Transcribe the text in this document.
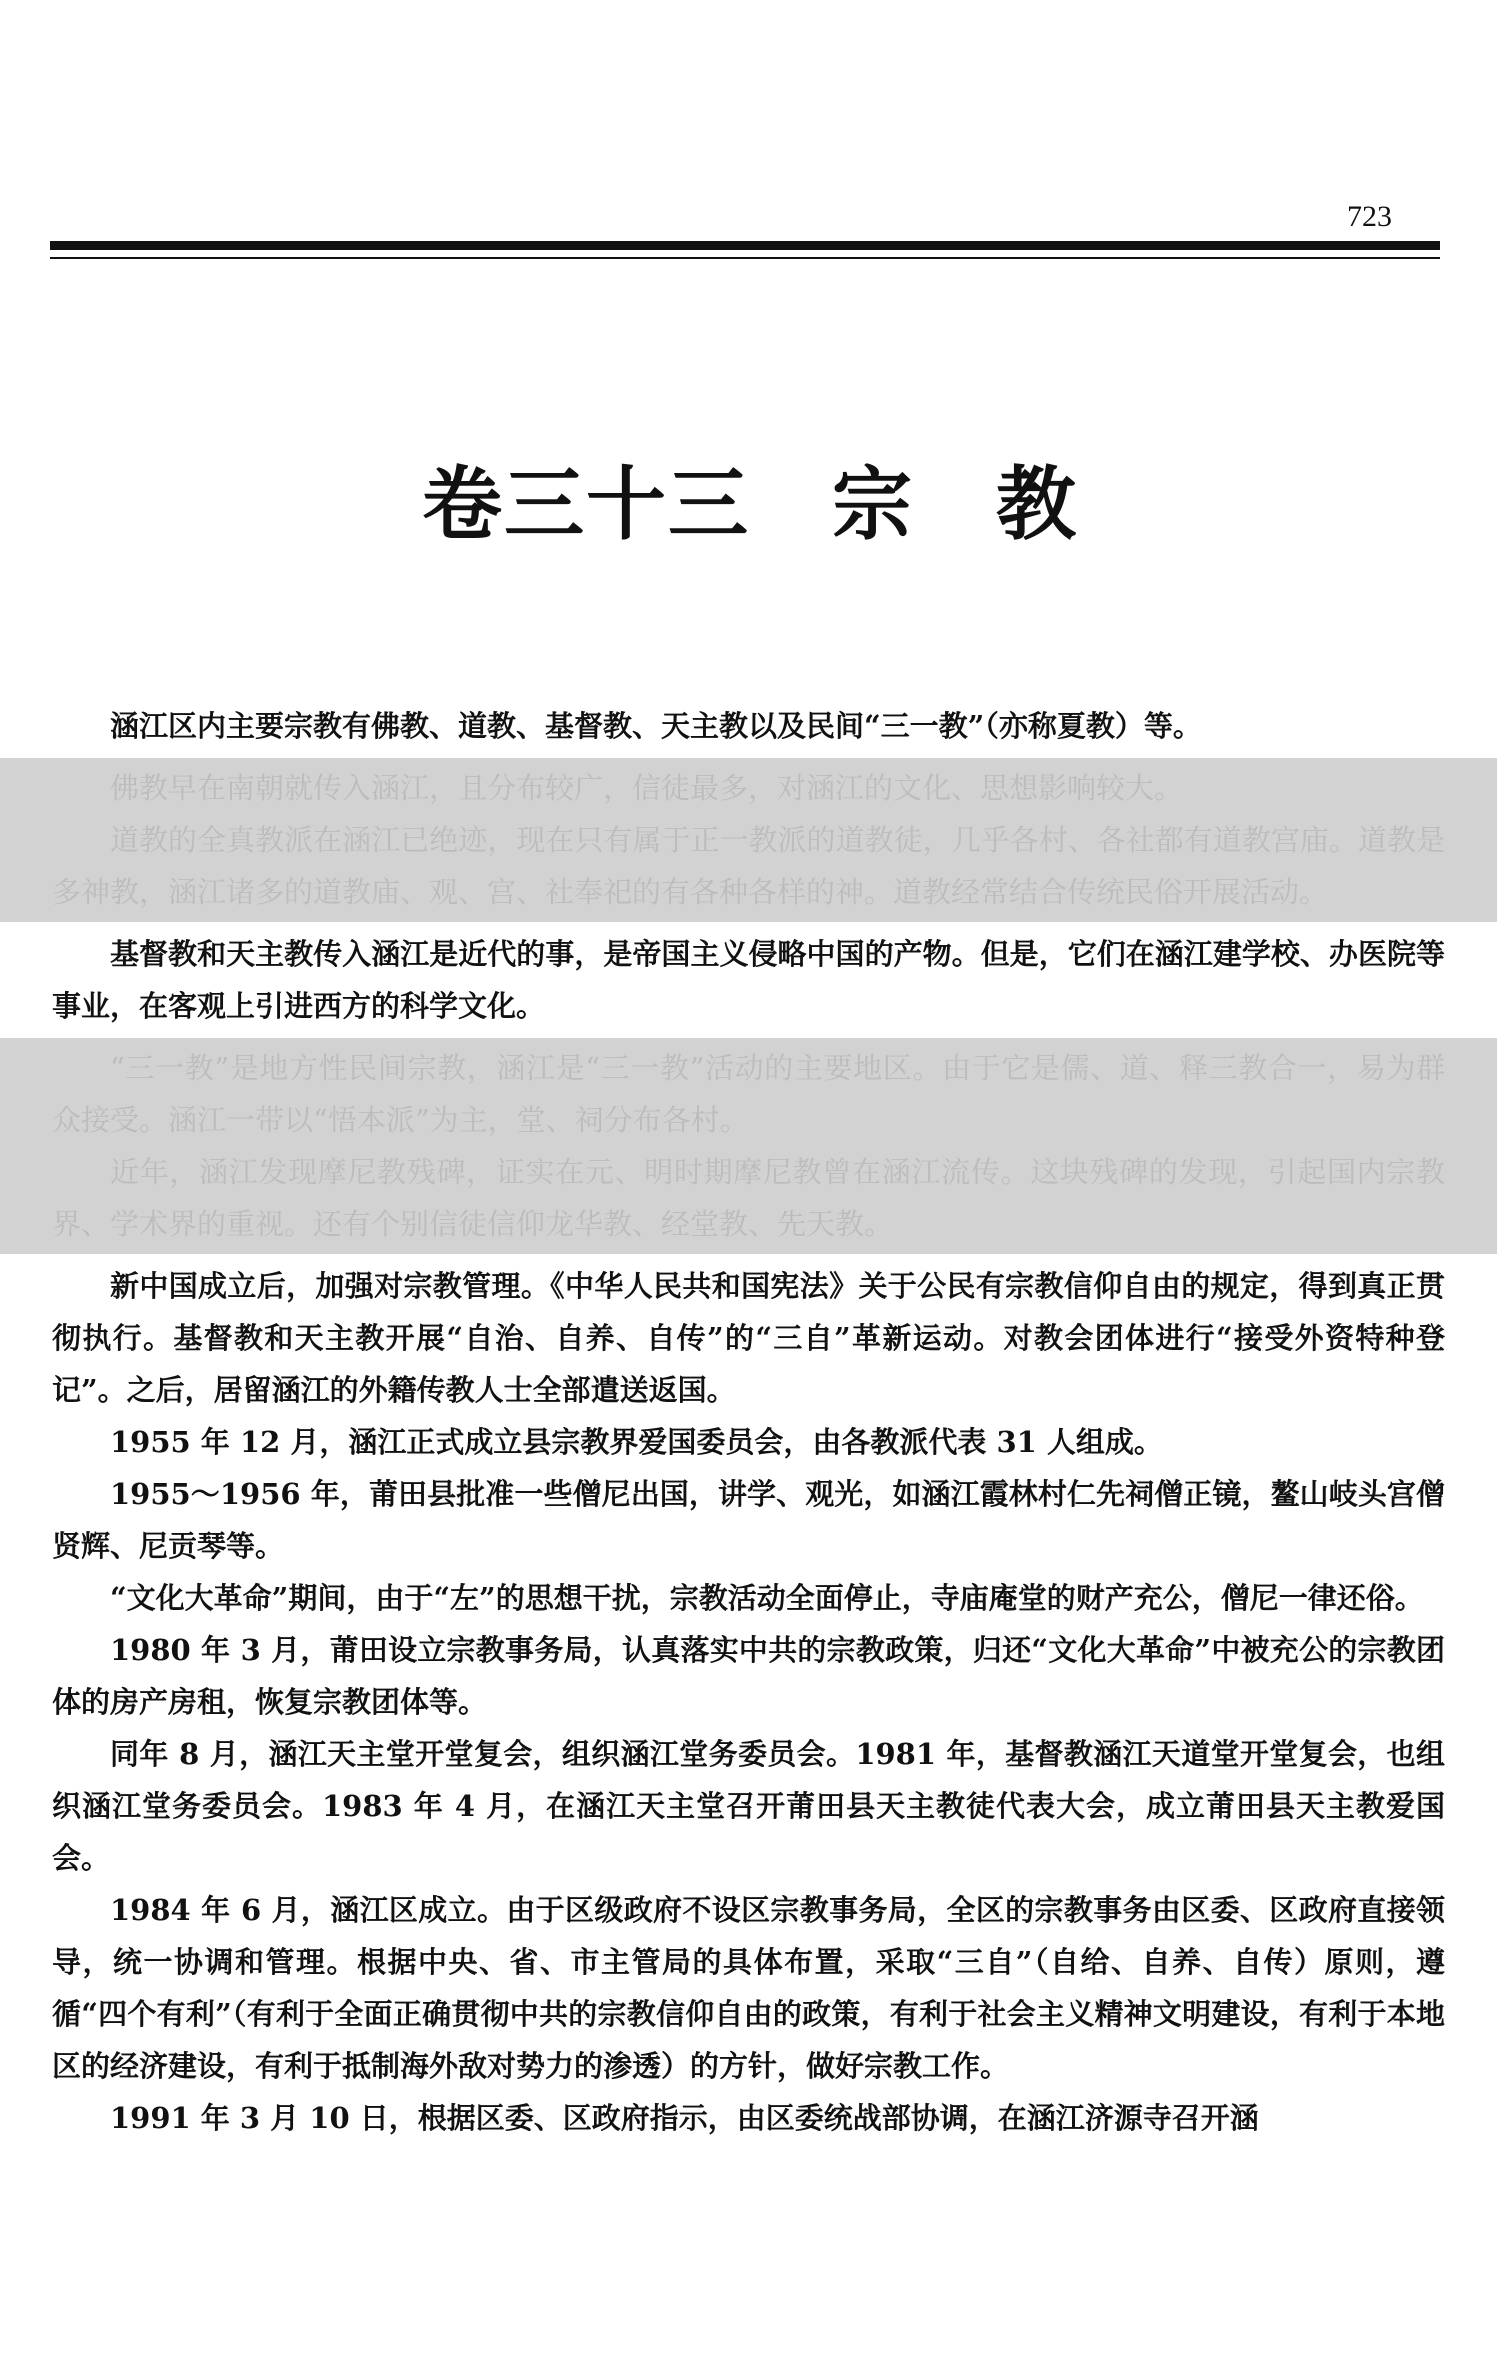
723
卷三十三　宗　教

涵江区内主要宗教有佛教、道教、基督教、天主教以及民间“三一教”（亦称夏教）等。

佛教早在南朝就传入涵江，且分布较广，信徒最多，对涵江的文化、思想影响较大。

道教的全真教派在涵江已绝迹，现在只有属于正一教派的道教徒，几乎各村、各社都有道教宫庙。道教是多神教，涵江诸多的道教庙、观、宫、社奉祀的有各种各样的神。道教经常结合传统民俗开展活动。

基督教和天主教传入涵江是近代的事，是帝国主义侵略中国的产物。但是，它们在涵江建学校、办医院等事业，在客观上引进西方的科学文化。

“三一教”是地方性民间宗教，涵江是“三一教”活动的主要地区。由于它是儒、道、释三教合一，易为群众接受。涵江一带以“悟本派”为主，堂、祠分布各村。

近年，涵江发现摩尼教残碑，证实在元、明时期摩尼教曾在涵江流传。这块残碑的发现，引起国内宗教界、学术界的重视。还有个别信徒信仰龙华教、经堂教、先天教。

新中国成立后，加强对宗教管理。《中华人民共和国宪法》关于公民有宗教信仰自由的规定，得到真正贯彻执行。基督教和天主教开展“自治、自养、自传”的“三自”革新运动。对教会团体进行“接受外资特种登记”。之后，居留涵江的外籍传教人士全部遣送返国。

1955 年 12 月，涵江正式成立县宗教界爱国委员会，由各教派代表 31 人组成。

1955～1956 年，莆田县批准一些僧尼出国，讲学、观光，如涵江霞林村仁先祠僧正镜，鳌山岐头宫僧贤辉、尼贡琴等。

“文化大革命”期间，由于“左”的思想干扰，宗教活动全面停止，寺庙庵堂的财产充公，僧尼一律还俗。

1980 年 3 月，莆田设立宗教事务局，认真落实中共的宗教政策，归还“文化大革命”中被充公的宗教团体的房产房租，恢复宗教团体等。

同年 8 月，涵江天主堂开堂复会，组织涵江堂务委员会。1981 年，基督教涵江天道堂开堂复会，也组织涵江堂务委员会。1983 年 4 月，在涵江天主堂召开莆田县天主教徒代表大会，成立莆田县天主教爱国会。

1984 年 6 月，涵江区成立。由于区级政府不设区宗教事务局，全区的宗教事务由区委、区政府直接领导，统一协调和管理。根据中央、省、市主管局的具体布置，采取“三自”（自给、自养、自传）原则，遵循“四个有利”（有利于全面正确贯彻中共的宗教信仰自由的政策，有利于社会主义精神文明建设，有利于本地区的经济建设，有利于抵制海外敌对势力的渗透）的方针，做好宗教工作。

1991 年 3 月 10 日，根据区委、区政府指示，由区委统战部协调，在涵江济源寺召开涵
